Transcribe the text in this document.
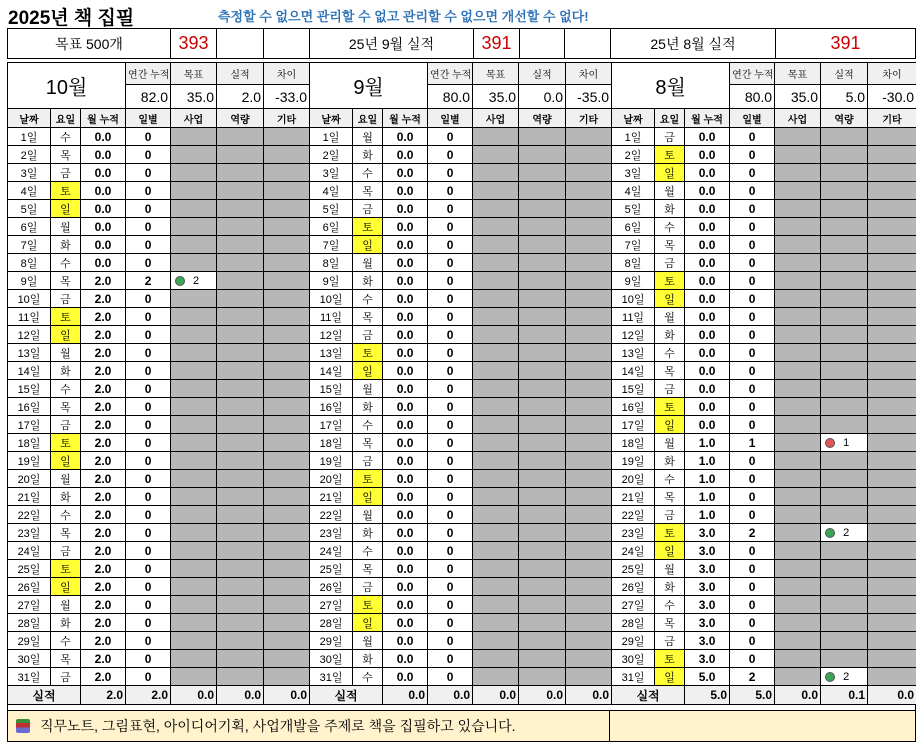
2025년 책 집필	측정할 수 없으면 관리할 수 없고 관리할 수 없으면 개선할 수 없다!
목표 500개	393			25년 9월 실적	391			25년 8월 실적	391
10월			연간 누적	목표	실적	차이	9월			연간 누적	목표	실적	차이	8월			연간 누적	목표	실적	차이
			82.0	35.0	2.0	-33.0				80.0	35.0	0.0	-35.0				80.0	35.0	5.0	-30.0
날짜	요일	월 누적	일별	사업	역량	기타	날짜	요일	월 누적	일별	사업	역량	기타	날짜	요일	월 누적	일별	사업	역량	기타
1일	수	0.0	0				1일	월	0.0	0				1일	금	0.0	0			
2일	목	0.0	0				2일	화	0.0	0				2일	토	0.0	0			
3일	금	0.0	0				3일	수	0.0	0				3일	일	0.0	0			
4일	토	0.0	0				4일	목	0.0	0				4일	월	0.0	0			
5일	일	0.0	0				5일	금	0.0	0				5일	화	0.0	0			
6일	월	0.0	0				6일	토	0.0	0				6일	수	0.0	0			
7일	화	0.0	0				7일	일	0.0	0				7일	목	0.0	0			
8일	수	0.0	0				8일	월	0.0	0				8일	금	0.0	0			
9일	목	2.0	2	2			9일	화	0.0	0				9일	토	0.0	0			
10일	금	2.0	0				10일	수	0.0	0				10일	일	0.0	0			
11일	토	2.0	0				11일	목	0.0	0				11일	월	0.0	0			
12일	일	2.0	0				12일	금	0.0	0				12일	화	0.0	0			
13일	월	2.0	0				13일	토	0.0	0				13일	수	0.0	0			
14일	화	2.0	0				14일	일	0.0	0				14일	목	0.0	0			
15일	수	2.0	0				15일	월	0.0	0				15일	금	0.0	0			
16일	목	2.0	0				16일	화	0.0	0				16일	토	0.0	0			
17일	금	2.0	0				17일	수	0.0	0				17일	일	0.0	0			
18일	토	2.0	0				18일	목	0.0	0				18일	월	1.0	1		1	
19일	일	2.0	0				19일	금	0.0	0				19일	화	1.0	0			
20일	월	2.0	0				20일	토	0.0	0				20일	수	1.0	0			
21일	화	2.0	0				21일	일	0.0	0				21일	목	1.0	0			
22일	수	2.0	0				22일	월	0.0	0				22일	금	1.0	0			
23일	목	2.0	0				23일	화	0.0	0				23일	토	3.0	2		2	
24일	금	2.0	0				24일	수	0.0	0				24일	일	3.0	0			
25일	토	2.0	0				25일	목	0.0	0				25일	월	3.0	0			
26일	일	2.0	0				26일	금	0.0	0				26일	화	3.0	0			
27일	월	2.0	0				27일	토	0.0	0				27일	수	3.0	0			
28일	화	2.0	0				28일	일	0.0	0				28일	목	3.0	0			
29일	수	2.0	0				29일	월	0.0	0				29일	금	3.0	0			
30일	목	2.0	0				30일	화	0.0	0				30일	토	3.0	0			
31일	금	2.0	0				31일	수	0.0	0				31일	일	5.0	2		2	
실적		2.0	2.0	0.0	0.0	0.0	실적		0.0	0.0	0.0	0.0	0.0	실적		5.0	5.0	0.0	0.1	0.0
직무노트, 그림표현, 아이디어기획, 사업개발을 주제로 책을 집필하고 있습니다.
